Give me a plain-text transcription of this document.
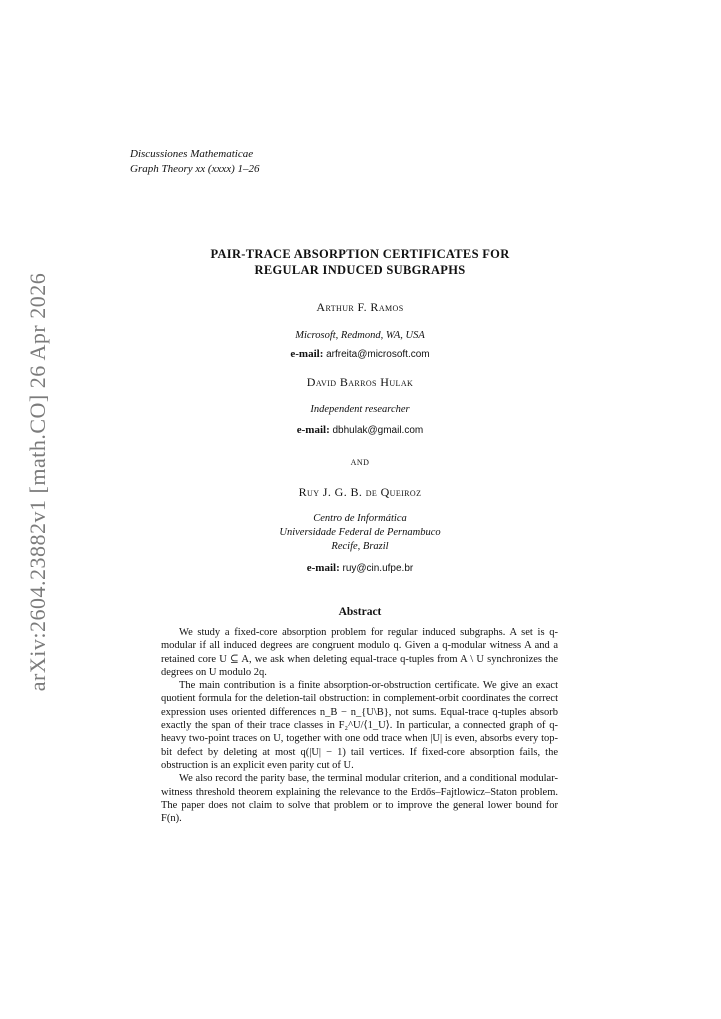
arXiv:2604.23882v1 [math.CO] 26 Apr 2026
Discussiones Mathematicae
Graph Theory xx (xxxx) 1–26
PAIR-TRACE ABSORPTION CERTIFICATES FOR
REGULAR INDUCED SUBGRAPHS
Arthur F. Ramos
Microsoft, Redmond, WA, USA
e-mail: arfreita@microsoft.com
David Barros Hulak
Independent researcher
e-mail: dbhulak@gmail.com
and
Ruy J. G. B. de Queiroz
Centro de Informática
Universidade Federal de Pernambuco
Recife, Brazil
e-mail: ruy@cin.ufpe.br
Abstract

We study a fixed-core absorption problem for regular induced subgraphs. A set is q-modular if all induced degrees are congruent modulo q. Given a q-modular witness A and a retained core U ⊆ A, we ask when deleting equal-trace q-tuples from A \ U synchronizes the degrees on U modulo 2q.

The main contribution is a finite absorption-or-obstruction certificate. We give an exact quotient formula for the deletion-tail obstruction: in complement-orbit coordinates the correct expression uses oriented differences n_B − n_{U\B}, not sums. Equal-trace q-tuples absorb exactly the span of their trace classes in F₂^U/⟨1_U⟩. In particular, a connected graph of q-heavy two-point traces on U, together with one odd trace when |U| is even, absorbs every top-bit defect by deleting at most q(|U| − 1) tail vertices. If fixed-core absorption fails, the obstruction is an explicit even parity cut of U.

We also record the parity base, the terminal modular criterion, and a conditional modular-witness threshold theorem explaining the relevance to the Erdős–Fajtlowicz–Staton problem. The paper does not claim to solve that problem or to improve the general lower bound for F(n).
